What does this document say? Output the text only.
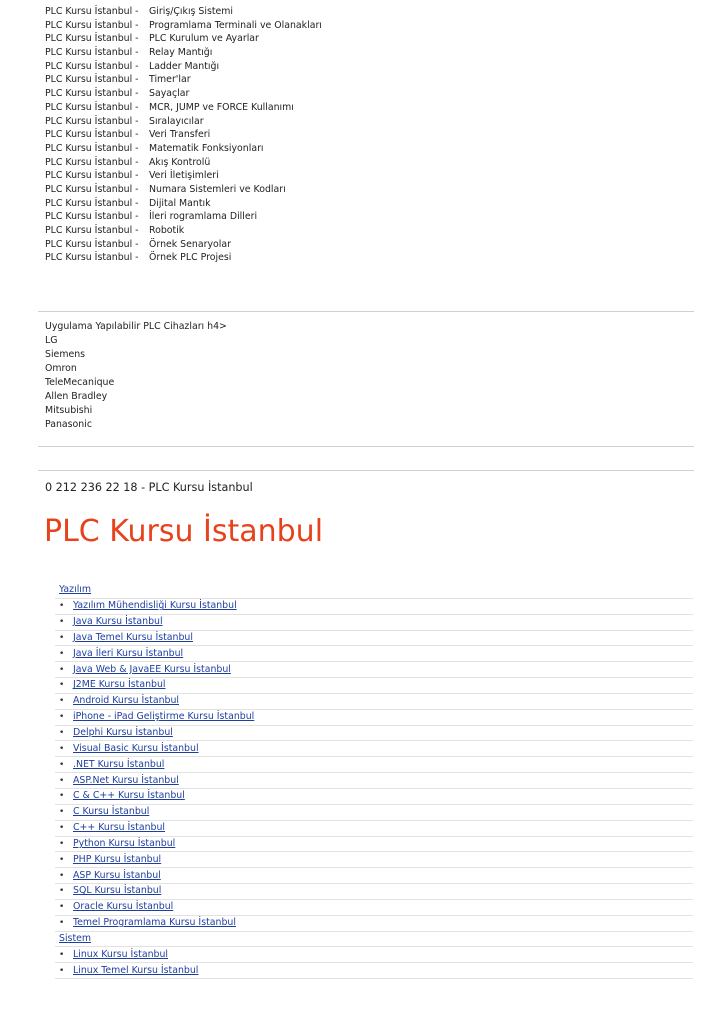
PLC Kursu İstanbul -	Giriş/Çıkış Sistemi
PLC Kursu İstanbul -	Programlama Terminali ve Olanakları
PLC Kursu İstanbul -	PLC Kurulum ve Ayarlar
PLC Kursu İstanbul -	Relay Mantığı
PLC Kursu İstanbul -	Ladder Mantığı
PLC Kursu İstanbul -	Timer'lar
PLC Kursu İstanbul -	Sayaçlar
PLC Kursu İstanbul -	MCR, JUMP ve FORCE Kullanımı
PLC Kursu İstanbul -	Sıralayıcılar
PLC Kursu İstanbul -	Veri Transferi
PLC Kursu İstanbul -	Matematik Fonksiyonları
PLC Kursu İstanbul -	Akış Kontrolü
PLC Kursu İstanbul -	Veri İletişimleri
PLC Kursu İstanbul -	Numara Sistemleri ve Kodları
PLC Kursu İstanbul -	Dijital Mantık
PLC Kursu İstanbul -	İleri rogramlama Dilleri
PLC Kursu İstanbul -	Robotik
PLC Kursu İstanbul -	Örnek Senaryolar
PLC Kursu İstanbul -	Örnek PLC Projesi
Uygulama Yapılabilir PLC Cihazları h4>
LG
Siemens
Omron
TeleMecanique
Allen Bradley
Mitsubishi
Panasonic
0 212 236 22 18 - PLC Kursu İstanbul
PLC Kursu İstanbul
Yazılım
• Yazılım Mühendisliği Kursu İstanbul
• Java Kursu İstanbul
• Java Temel Kursu İstanbul
• Java İleri Kursu İstanbul
• Java Web & JavaEE Kursu İstanbul
• J2ME Kursu İstanbul
• Android Kursu İstanbul
• iPhone - iPad Geliştirme Kursu İstanbul
• Delphi Kursu İstanbul
• Visual Basic Kursu İstanbul
• .NET Kursu İstanbul
• ASP.Net Kursu İstanbul
• C & C++ Kursu İstanbul
• C Kursu İstanbul
• C++ Kursu İstanbul
• Python Kursu İstanbul
• PHP Kursu İstanbul
• ASP Kursu İstanbul
• SQL Kursu İstanbul
• Oracle Kursu İstanbul
• Temel Programlama Kursu İstanbul
Sistem
• Linux Kursu İstanbul
• Linux Temel Kursu İstanbul
